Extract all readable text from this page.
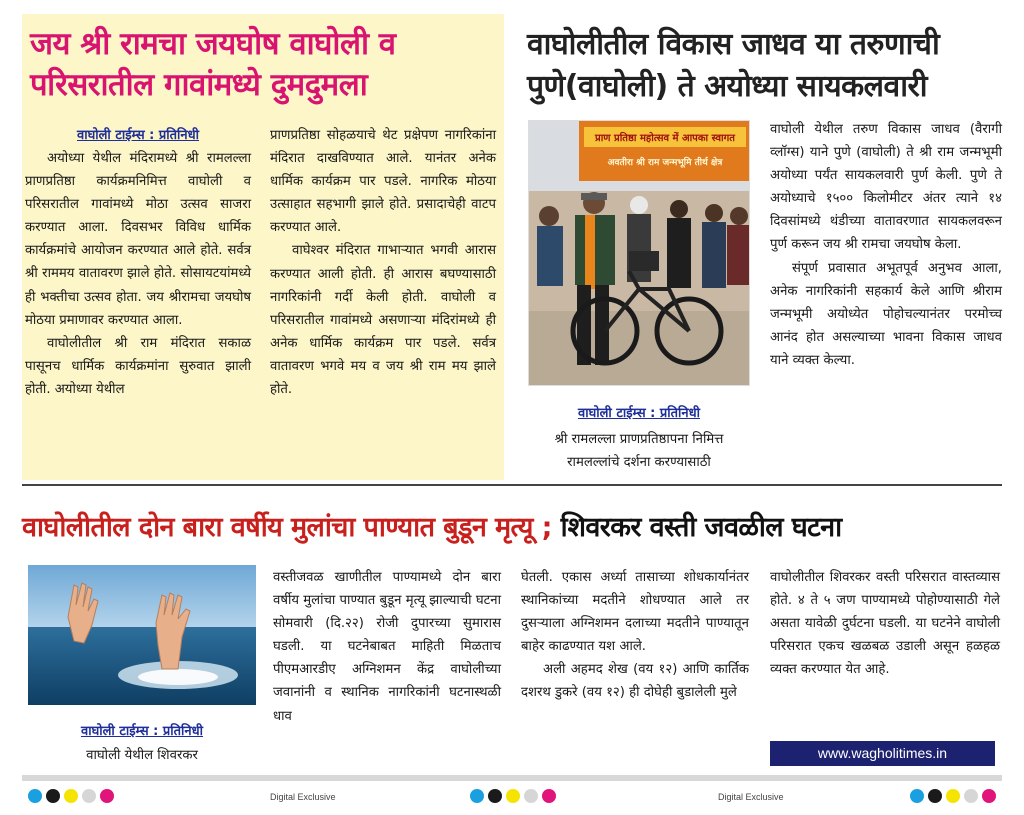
जय श्री रामचा जयघोष वाघोली व परिसरातील गावांमध्ये दुमदुमला
वाघोली टाईम्स : प्रतिनिधी

अयोध्या येथील मंदिरामध्ये श्री रामलल्ला प्राणप्रतिष्ठा कार्यक्रमनिमित्त वाघोली व परिसरातील गावांमध्ये मोठा उत्सव साजरा करण्यात आला. दिवसभर विविध धार्मिक कार्यक्रमांचे आयोजन करण्यात आले होते. सर्वत्र श्री राममय वातावरण झाले होते. सोसायटयांमध्ये ही भक्तीचा उत्सव होता. जय श्रीरामचा जयघोष मोठया प्रमाणावर करण्यात आला.

वाघोलीतील श्री राम मंदिरात सकाळ पासूनच धार्मिक कार्यक्रमांना सुरुवात झाली होती. अयोध्या येथील

प्राणप्रतिष्ठा सोहळयाचे थेट प्रक्षेपण नागरिकांना मंदिरात दाखविण्यात आले. यानंतर अनेक धार्मिक कार्यक्रम पार पडले. नागरिक मोठया उत्साहात सहभागी झाले होते. प्रसादाचेही वाटप करण्यात आले.

वाघेश्वर मंदिरात गाभाऱ्यात भगवी आरास करण्यात आली होती. ही आरास बघण्यासाठी नागरिकांनी गर्दी केली होती. वाघोली व परिसरातील गावांमध्ये असणाऱ्या मंदिरांमध्ये ही अनेक धार्मिक कार्यक्रम पार पडले. सर्वत्र वातावरण भगवे मय व जय श्री राम मय झाले होते.

वाघोलीतील विकास जाधव या तरुणाची पुणे(वाघोली) ते अयोध्या सायकलवारी
प्राण प्रतिष्ठा महोत्सव में आपका स्वागत
अवतीरा श्री राम जन्मभूमि तीर्थ क्षेत्र
वाघोली टाईम्स : प्रतिनिधी
श्री रामलल्ला प्राणप्रतिष्ठापना निमित्त रामलल्लांचे दर्शना करण्यासाठी

वाघोली येथील तरुण विकास जाधव (वैरागी व्लॉग्स) याने पुणे (वाघोली) ते श्री राम जन्मभूमी अयोध्या पर्यंत सायकलवारी पुर्ण केली. पुणे ते अयोध्याचे १५०० किलोमीटर अंतर त्याने १४ दिवसांमध्ये थंडीच्या वातावरणात सायकलवरून पुर्ण करून जय श्री रामचा जयघोष केला.

संपूर्ण प्रवासात अभूतपूर्व अनुभव आला, अनेक नागरिकांनी सहकार्य केले आणि श्रीराम जन्मभूमी अयोध्येत पोहोचल्यानंतर परमोच्च आनंद होत असल्याच्या भावना विकास जाधव याने व्यक्त केल्या.

वाघोलीतील दोन बारा वर्षीय मुलांचा पाण्यात बुडून मृत्यू ; शिवरकर वस्ती जवळील घटना
वाघोली टाईम्स : प्रतिनिधी
वाघोली येथील शिवरकर

वस्तीजवळ खाणीतील पाण्यामध्ये दोन बारा वर्षीय मुलांचा पाण्यात बुडून मृत्यू झाल्याची घटना सोमवारी (दि.२२) रोजी दुपारच्या सुमारास घडली. या घटनेबाबत माहिती मिळताच पीएमआरडीए अग्निशमन केंद्र वाघोलीच्या जवानांनी व स्थानिक नागरिकांनी घटनास्थळी धाव

घेतली. एकास अर्ध्या तासाच्या शोधकार्यानंतर स्थानिकांच्या मदतीने शोधण्यात आले तर दुसऱ्याला अग्निशमन दलाच्या मदतीने पाण्यातून बाहेर काढण्यात यश आले.

अली अहमद शेख (वय १२) आणि कार्तिक दशरथ डुकरे (वय १२) ही दोघेही बुडालेली मुले

वाघोलीतील शिवरकर वस्ती परिसरात वास्तव्यास होते. ४ ते ५ जण पाण्यामध्ये पोहोण्यासाठी गेले असता यावेळी दुर्घटना घडली. या घटनेने वाघोली परिसरात एकच खळबळ उडाली असून हळहळ व्यक्त करण्यात येत आहे.

www.wagholitimes.in
Digital Exclusive	Digital Exclusive
